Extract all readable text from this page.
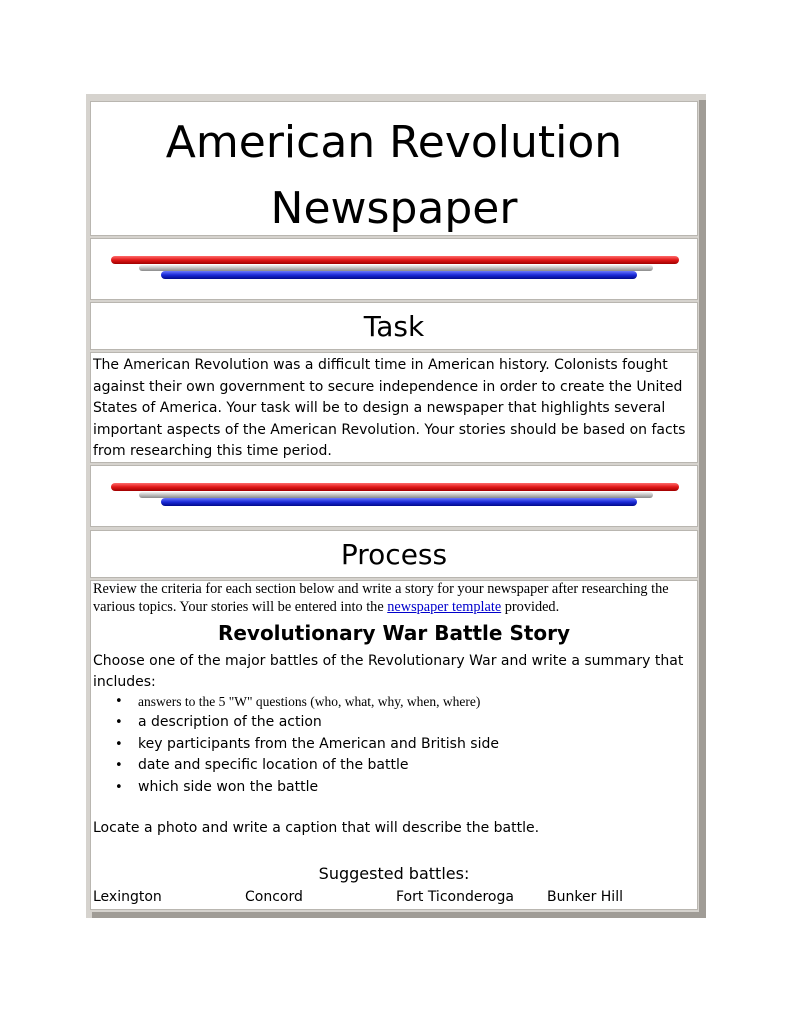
American Revolution
Newspaper
Task
The American Revolution was a difficult time in American history. Colonists fought against their own government to secure independence in order to create the United States of America. Your task will be to design a newspaper that highlights several important aspects of the American Revolution. Your stories should be based on facts from researching this time period.
Process
Review the criteria for each section below and write a story for your newspaper after researching the various topics. Your stories will be entered into the newspaper template provided.
Revolutionary War Battle Story
Choose one of the major battles of the Revolutionary War and write a summary that includes:
• answers to the 5 "W" questions (who, what, why, when, where)
• a description of the action
• key participants from the American and British side
• date and specific location of the battle
• which side won the battle
Locate a photo and write a caption that will describe the battle.
Suggested battles:
Lexington	Concord	Fort Ticonderoga Bunker Hill
